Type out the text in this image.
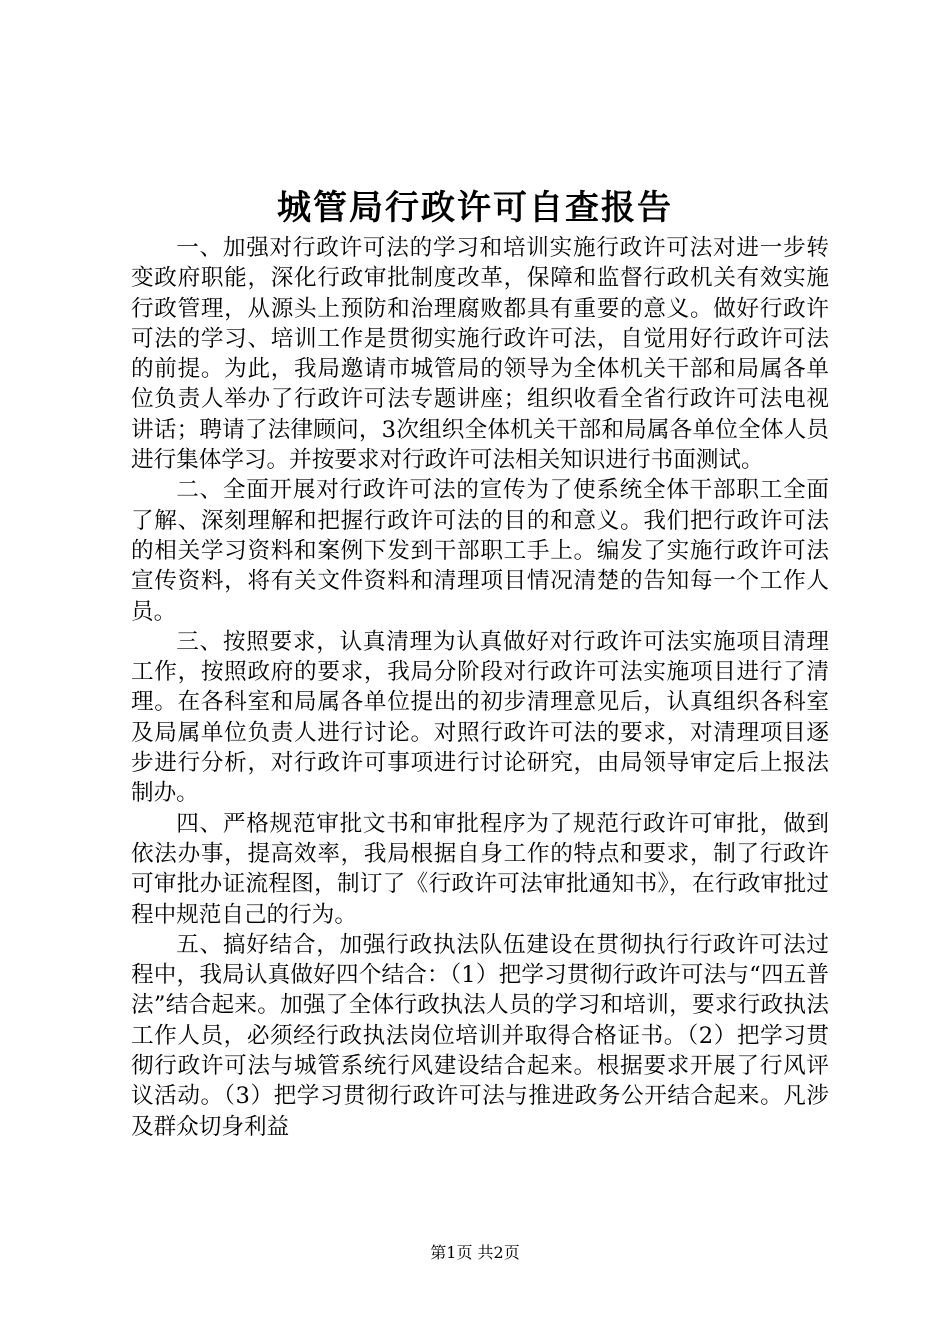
城管局行政许可自查报告

一、加强对行政许可法的学习和培训实施行政许可法对进一步转变政府职能，深化行政审批制度改革，保障和监督行政机关有效实施行政管理，从源头上预防和治理腐败都具有重要的意义。做好行政许可法的学习、培训工作是贯彻实施行政许可法，自觉用好行政许可法的前提。为此，我局邀请市城管局的领导为全体机关干部和局属各单位负责人举办了行政许可法专题讲座；组织收看全省行政许可法电视讲话；聘请了法律顾问，3次组织全体机关干部和局属各单位全体人员进行集体学习。并按要求对行政许可法相关知识进行书面测试。

二、全面开展对行政许可法的宣传为了使系统全体干部职工全面了解、深刻理解和把握行政许可法的目的和意义。我们把行政许可法的相关学习资料和案例下发到干部职工手上。编发了实施行政许可法宣传资料，将有关文件资料和清理项目情况清楚的告知每一个工作人员。

三、按照要求，认真清理为认真做好对行政许可法实施项目清理工作，按照政府的要求，我局分阶段对行政许可法实施项目进行了清理。在各科室和局属各单位提出的初步清理意见后，认真组织各科室及局属单位负责人进行讨论。对照行政许可法的要求，对清理项目逐步进行分析，对行政许可事项进行讨论研究，由局领导审定后上报法制办。

四、严格规范审批文书和审批程序为了规范行政许可审批，做到依法办事，提高效率，我局根据自身工作的特点和要求，制了行政许可审批办证流程图，制订了《行政许可法审批通知书》，在行政审批过程中规范自己的行为。

五、搞好结合，加强行政执法队伍建设在贯彻执行行政许可法过程中，我局认真做好四个结合：（1）把学习贯彻行政许可法与“四五普法”结合起来。加强了全体行政执法人员的学习和培训，要求行政执法工作人员，必须经行政执法岗位培训并取得合格证书。（2）把学习贯彻行政许可法与城管系统行风建设结合起来。根据要求开展了行风评议活动。（3）把学习贯彻行政许可法与推进政务公开结合起来。凡涉及群众切身利益

第1页 共2页
